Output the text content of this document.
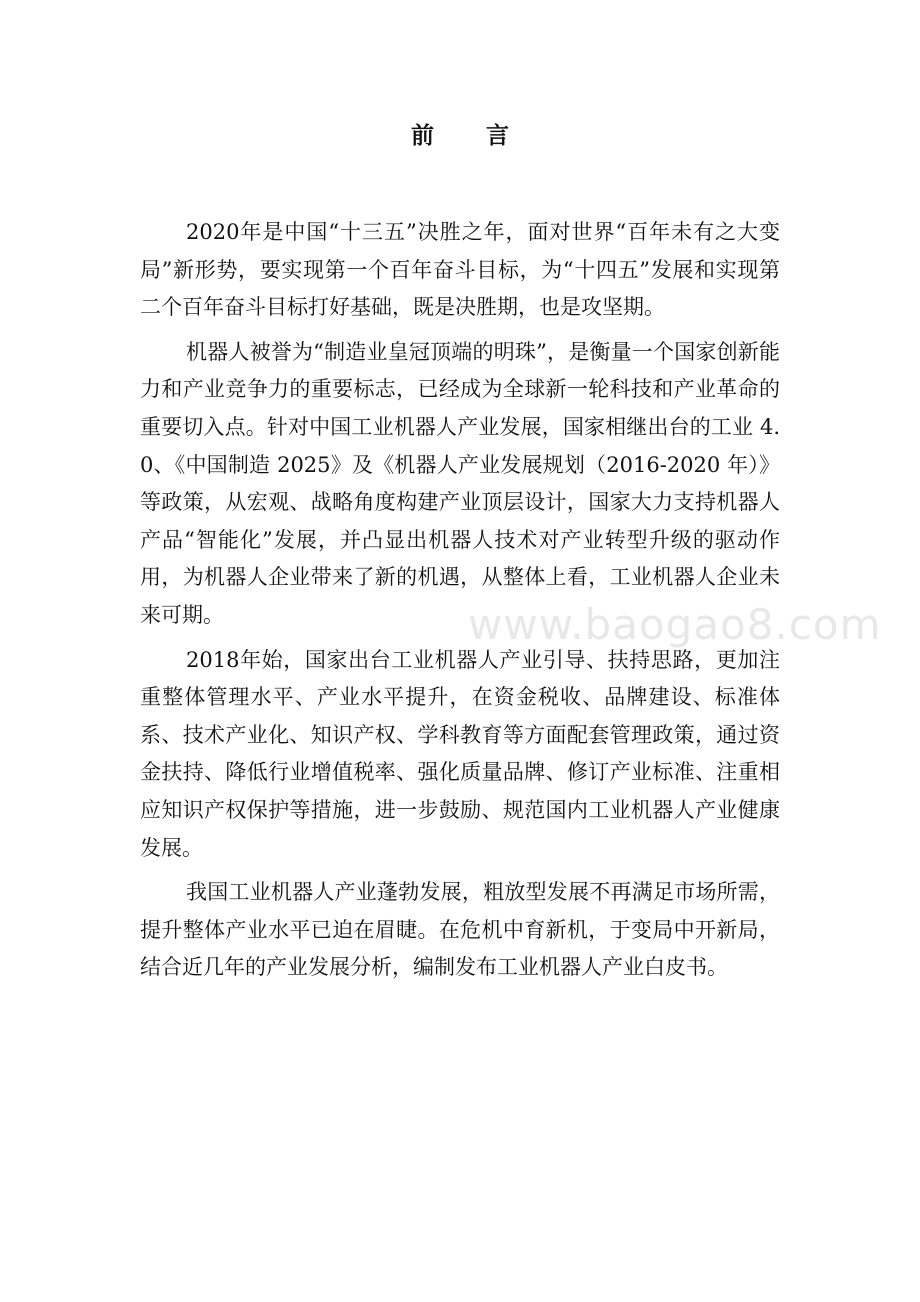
www.baogao8.com
前 言

2020年是中国“十三五”决胜之年，面对世界“百年未有之大变局”新形势，要实现第一个百年奋斗目标，为“十四五”发展和实现第二个百年奋斗目标打好基础，既是决胜期，也是攻坚期。

机器人被誉为“制造业皇冠顶端的明珠”，是衡量一个国家创新能力和产业竞争力的重要标志，已经成为全球新一轮科技和产业革命的重要切入点。针对中国工业机器人产业发展，国家相继出台的工业 4.0、《中国制造 2025》及《机器人产业发展规划（2016-2020 年）》等政策，从宏观、战略角度构建产业顶层设计，国家大力支持机器人产品“智能化”发展，并凸显出机器人技术对产业转型升级的驱动作用，为机器人企业带来了新的机遇，从整体上看，工业机器人企业未来可期。

2018年始，国家出台工业机器人产业引导、扶持思路，更加注重整体管理水平、产业水平提升，在资金税收、品牌建设、标准体系、技术产业化、知识产权、学科教育等方面配套管理政策，通过资金扶持、降低行业增值税率、强化质量品牌、修订产业标准、注重相应知识产权保护等措施，进一步鼓励、规范国内工业机器人产业健康发展。

我国工业机器人产业蓬勃发展，粗放型发展不再满足市场所需，提升整体产业水平已迫在眉睫。在危机中育新机，于变局中开新局，结合近几年的产业发展分析，编制发布工业机器人产业白皮书。
